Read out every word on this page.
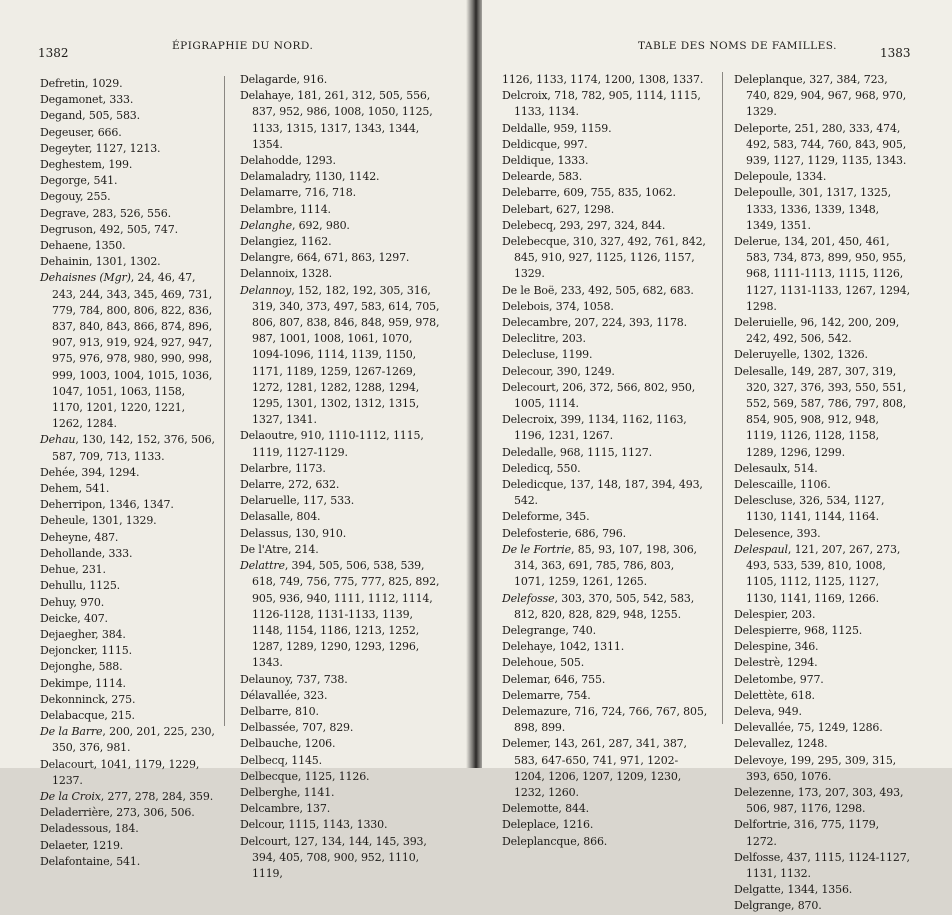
1382	ÉPIGRAPHIE DU NORD.

Defretin, 1029.

Degamonet, 333.

Degand, 505, 583.

Degeuser, 666.

Degeyter, 1127, 1213.

Deghestem, 199.

Degorge, 541.

Degouy, 255.

Degrave, 283, 526, 556.

Degruson, 492, 505, 747.

Dehaene, 1350.

Dehainin, 1301, 1302.

Dehaisnes (Mgr), 24, 46, 47, 243, 244, 343, 345, 469, 731, 779, 784, 800, 806, 822, 836, 837, 840, 843, 866, 874, 896, 907, 913, 919, 924, 927, 947, 975, 976, 978, 980, 990, 998, 999, 1003, 1004, 1015, 1036, 1047, 1051, 1063, 1158, 1170, 1201, 1220, 1221, 1262, 1284.

Dehau, 130, 142, 152, 376, 506, 587, 709, 713, 1133.

Dehée, 394, 1294.

Dehem, 541.

Deherripon, 1346, 1347.

Deheule, 1301, 1329.

Deheyne, 487.

Dehollande, 333.

Dehue, 231.

Dehullu, 1125.

Dehuy, 970.

Deicke, 407.

Dejaegher, 384.

Dejoncker, 1115.

Dejonghe, 588.

Dekimpe, 1114.

Dekonninck, 275.

Delabacque, 215.

De la Barre, 200, 201, 225, 230, 350, 376, 981.

Delacourt, 1041, 1179, 1229, 1237.

De la Croix, 277, 278, 284, 359.

Deladerrière, 273, 306, 506.

Deladessous, 184.

Delaeter, 1219.

Delafontaine, 541.

Delagarde, 916.

Delahaye, 181, 261, 312, 505, 556, 837, 952, 986, 1008, 1050, 1125, 1133, 1315, 1317, 1343, 1344, 1354.

Delahodde, 1293.

Delamaladry, 1130, 1142.

Delamarre, 716, 718.

Delambre, 1114.

Delanghe, 692, 980.

Delangiez, 1162.

Delangre, 664, 671, 863, 1297.

Delannoix, 1328.

Delannoy, 152, 182, 192, 305, 316, 319, 340, 373, 497, 583, 614, 705, 806, 807, 838, 846, 848, 959, 978, 987, 1001, 1008, 1061, 1070, 1094-1096, 1114, 1139, 1150, 1171, 1189, 1259, 1267-1269, 1272, 1281, 1282, 1288, 1294, 1295, 1301, 1302, 1312, 1315, 1327, 1341.

Delaoutre, 910, 1110-1112, 1115, 1119, 1127-1129.

Delarbre, 1173.

Delarre, 272, 632.

Delaruelle, 117, 533.

Delasalle, 804.

Delassus, 130, 910.

De l'Atre, 214.

Delattre, 394, 505, 506, 538, 539, 618, 749, 756, 775, 777, 825, 892, 905, 936, 940, 1111, 1112, 1114, 1126-1128, 1131-1133, 1139, 1148, 1154, 1186, 1213, 1252, 1287, 1289, 1290, 1293, 1296, 1343.

Delaunoy, 737, 738.

Délavallée, 323.

Delbarre, 810.

Delbassée, 707, 829.

Delbauche, 1206.

Delbecq, 1145.

Delbecque, 1125, 1126.

Delberghe, 1141.

Delcambre, 137.

Delcour, 1115, 1143, 1330.

Delcourt, 127, 134, 144, 145, 393, 394, 405, 708, 900, 952, 1110, 1119,

TABLE DES NOMS DE FAMILLES.	1383

1126, 1133, 1174, 1200, 1308, 1337.

Delcroix, 718, 782, 905, 1114, 1115, 1133, 1134.

Deldalle, 959, 1159.

Deldicque, 997.

Deldique, 1333.

Delearde, 583.

Delebarre, 609, 755, 835, 1062.

Delebart, 627, 1298.

Delebecq, 293, 297, 324, 844.

Delebecque, 310, 327, 492, 761, 842, 845, 910, 927, 1125, 1126, 1157, 1329.

De le Boë, 233, 492, 505, 682, 683.

Delebois, 374, 1058.

Delecambre, 207, 224, 393, 1178.

Deleclitre, 203.

Delecluse, 1199.

Delecour, 390, 1249.

Delecourt, 206, 372, 566, 802, 950, 1005, 1114.

Delecroix, 399, 1134, 1162, 1163, 1196, 1231, 1267.

Deledalle, 968, 1115, 1127.

Deledicq, 550.

Deledicque, 137, 148, 187, 394, 493, 542.

Deleforme, 345.

Delefosterie, 686, 796.

De le Fortrie, 85, 93, 107, 198, 306, 314, 363, 691, 785, 786, 803, 1071, 1259, 1261, 1265.

Delefosse, 303, 370, 505, 542, 583, 812, 820, 828, 829, 948, 1255.

Delegrange, 740.

Delehaye, 1042, 1311.

Delehoue, 505.

Delemar, 646, 755.

Delemarre, 754.

Delemazure, 716, 724, 766, 767, 805, 898, 899.

Delemer, 143, 261, 287, 341, 387, 583, 647-650, 741, 971, 1202-1204, 1206, 1207, 1209, 1230, 1232, 1260.

Delemotte, 844.

Deleplace, 1216.

Deleplancque, 866.

Deleplanque, 327, 384, 723, 740, 829, 904, 967, 968, 970, 1329.

Deleporte, 251, 280, 333, 474, 492, 583, 744, 760, 843, 905, 939, 1127, 1129, 1135, 1343.

Delepoule, 1334.

Delepoulle, 301, 1317, 1325, 1333, 1336, 1339, 1348, 1349, 1351.

Delerue, 134, 201, 450, 461, 583, 734, 873, 899, 950, 955, 968, 1111-1113, 1115, 1126, 1127, 1131-1133, 1267, 1294, 1298.

Deleruielle, 96, 142, 200, 209, 242, 492, 506, 542.

Deleruyelle, 1302, 1326.

Delesalle, 149, 287, 307, 319, 320, 327, 376, 393, 550, 551, 552, 569, 587, 786, 797, 808, 854, 905, 908, 912, 948, 1119, 1126, 1128, 1158, 1289, 1296, 1299.

Delesaulx, 514.

Delescaille, 1106.

Delescluse, 326, 534, 1127, 1130, 1141, 1144, 1164.

Delesence, 393.

Delespaul, 121, 207, 267, 273, 493, 533, 539, 810, 1008, 1105, 1112, 1125, 1127, 1130, 1141, 1169, 1266.

Delespier, 203.

Delespierre, 968, 1125.

Delespine, 346.

Delestrè, 1294.

Deletombe, 977.

Delettète, 618.

Deleva, 949.

Delevallée, 75, 1249, 1286.

Delevallez, 1248.

Delevoye, 199, 295, 309, 315, 393, 650, 1076.

Delezenne, 173, 207, 303, 493, 506, 987, 1176, 1298.

Delfortrie, 316, 775, 1179, 1272.

Delfosse, 437, 1115, 1124-1127, 1131, 1132.

Delgatte, 1344, 1356.

Delgrange, 870.
